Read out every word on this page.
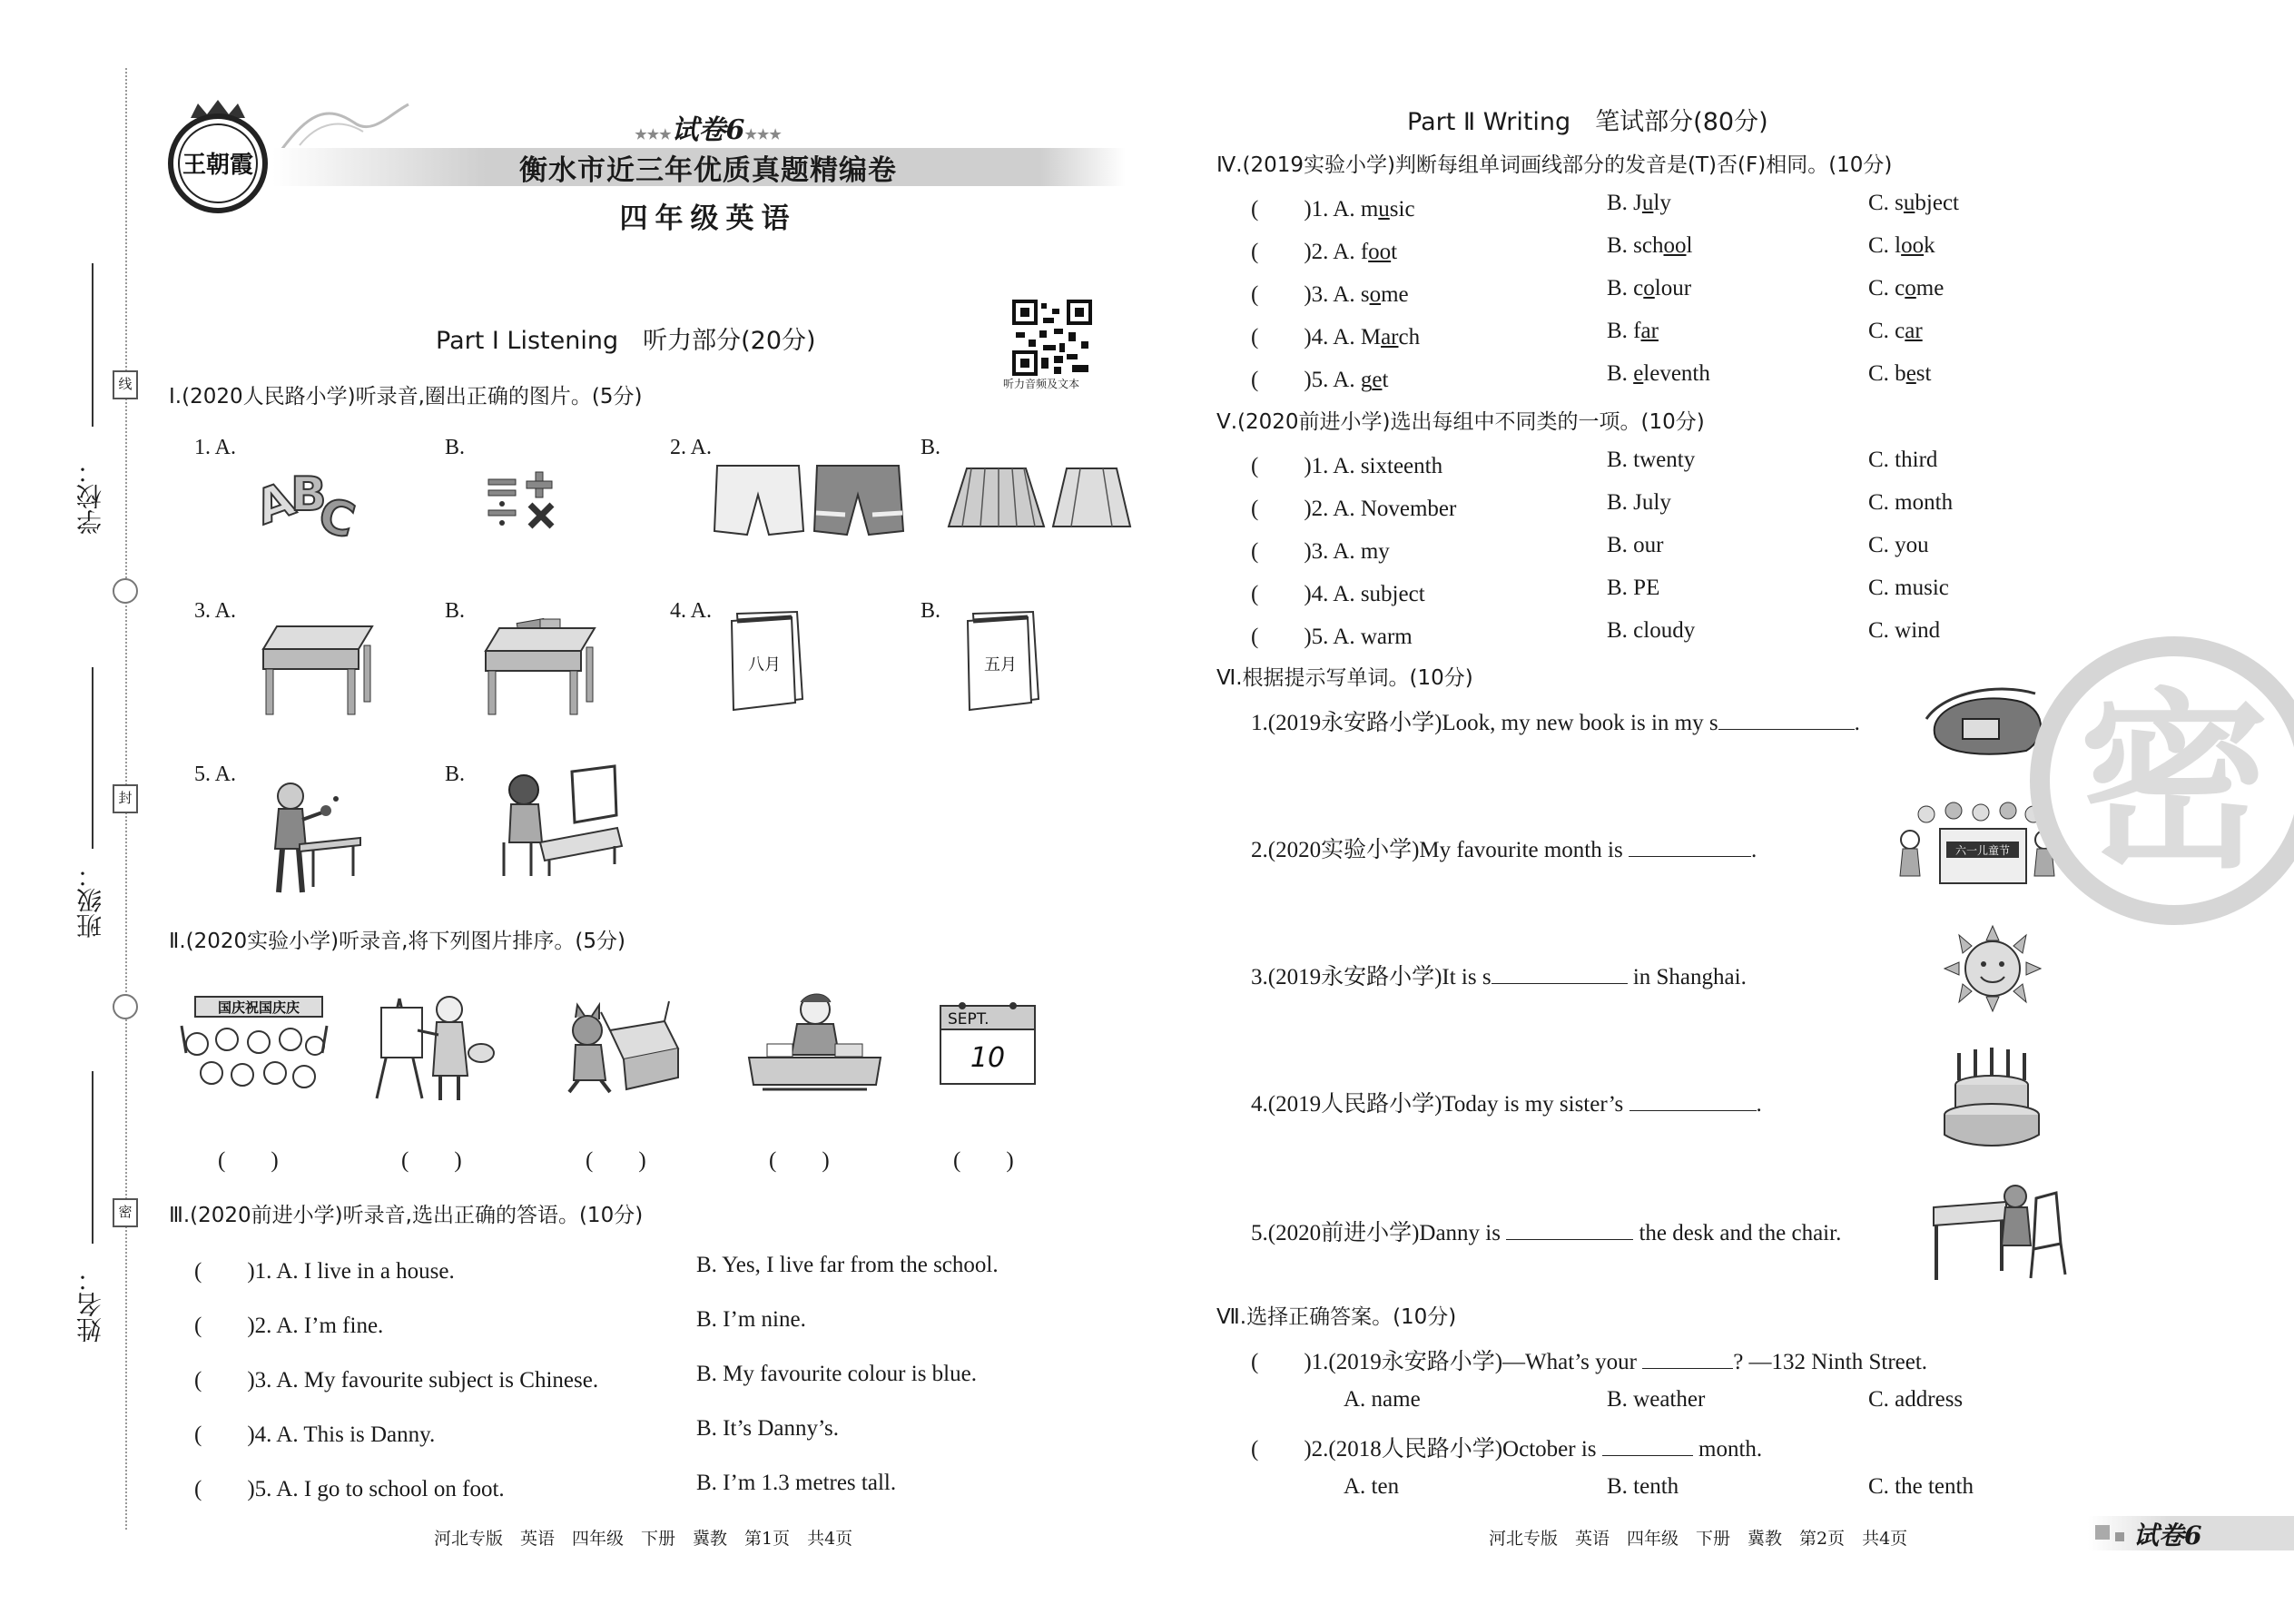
学校：
班级：
姓名：
线
封
密
王朝霞
★★★试卷6★★★
衡水市近三年优质真题精编卷
四年级英语
听力音频及文本
Part Ⅰ Listening　听力部分(20分)
Ⅰ.(2020人民路小学)听录音,圈出正确的图片。(5分)
1. A.	B.	2. A.	B.
3. A.	B.	4. A.	B.
5. A.	B.
A
B
C
八月	五月
Ⅱ.(2020实验小学)听录音,将下列图片排序。(5分)
国庆祝国庆庆
SEPT.
10
(　　)	(　　)	(　　)	(　　)	(　　)
Ⅲ.(2020前进小学)听录音,选出正确的答语。(10分)
(　　)1. A. I live in a house.	B. Yes, I live far from the school.
(　　)2. A. I’m fine.	B. I’m nine.
(　　)3. A. My favourite subject is Chinese.	B. My favourite colour is blue.
(　　)4. A. This is Danny.	B. It’s Danny’s.
(　　)5. A. I go to school on foot.	B. I’m 1.3 metres tall.
河北专版　英语　四年级　下册　冀教　第1页　共4页
Part Ⅱ Writing　笔试部分(80分)
Ⅳ.(2019实验小学)判断每组单词画线部分的发音是(T)否(F)相同。(10分)
(　　)1. A. music	B. July	C. subject
(　　)2. A. foot	B. school	C. look
(　　)3. A. some	B. colour	C. come
(　　)4. A. March	B. far	C. car
(　　)5. A. get	B. eleventh	C. best
Ⅴ.(2020前进小学)选出每组中不同类的一项。(10分)
(　　)1. A. sixteenth	B. twenty	C. third
(　　)2. A. November	B. July	C. month
(　　)3. A. my	B. our	C. you
(　　)4. A. subject	B. PE	C. music
(　　)5. A. warm	B. cloudy	C. wind
Ⅵ.根据提示写单词。(10分)
1.(2019永安路小学)Look, my new book is in my s	.
2.(2020实验小学)My favourite month is	.
3.(2019永安路小学)It is s	in Shanghai.
4.(2019人民路小学)Today is my sister’s	.
5.(2020前进小学)Danny is	the desk and the chair.
六一儿童节
Ⅶ.选择正确答案。(10分)
(　　)1.(2019永安路小学)—What’s your	? —132 Ninth Street.
A. name	B. weather	C. address
(　　)2.(2018人民路小学)October is	month.
A. ten	B. tenth	C. the tenth
密
河北专版　英语　四年级　下册　冀教　第2页　共4页	试卷6
